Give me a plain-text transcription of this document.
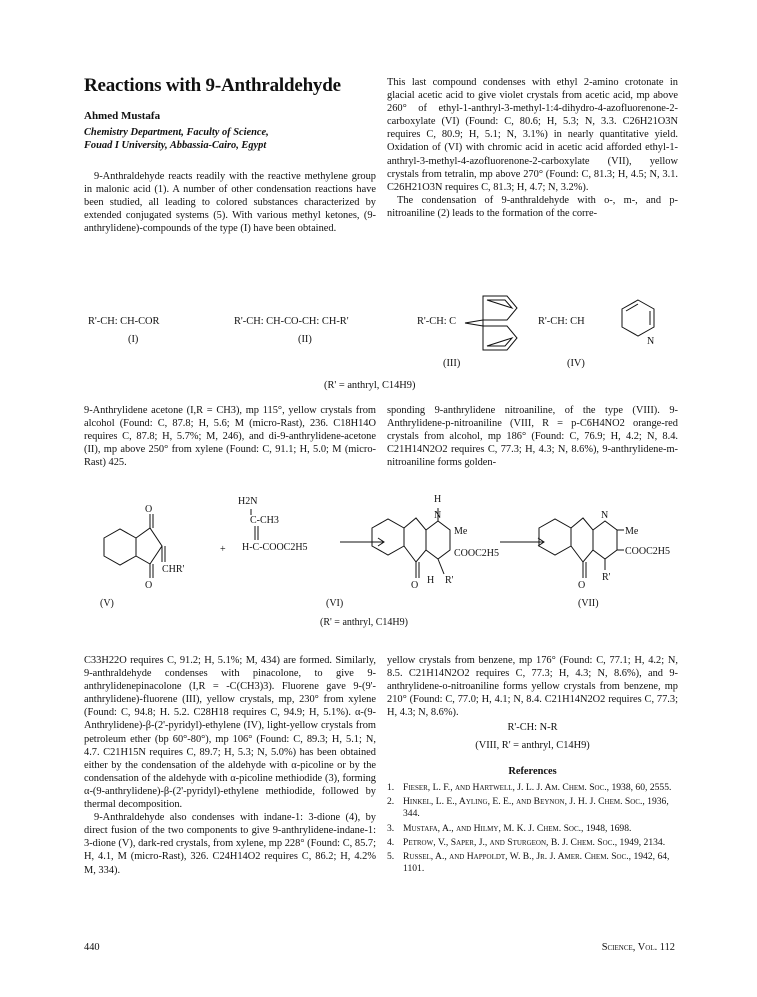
Reactions with 9-Anthraldehyde
Ahmed Mustafa
Chemistry Department, Faculty of Science,
Fouad I University, Abbassia-Cairo, Egypt

9-Anthraldehyde reacts readily with the reactive methylene group in malonic acid (1). A number of other condensation reactions have been studied, all leading to colored substances characterized by extended conjugated systems (5). With various methyl ketones, (9-anthrylidene)-compounds of the type (I) have been obtained.

This last compound condenses with ethyl 2-amino crotonate in glacial acetic acid to give violet crystals from acetic acid, mp above 260° of ethyl-1-anthryl-3-methyl-1:4-dihydro-4-azofluorenone-2-carboxylate (VI) (Found: C, 80.6; H, 5.3; N, 3.3. C26H21O3N requires C, 80.9; H, 5.1; N, 3.1%) in nearly quantitative yield. Oxidation of (VI) with chromic acid in acetic acid afforded ethyl-1-anthryl-3-methyl-4-azofluorenone-2-carboxylate (VII), yellow crystals from tetralin, mp above 270° (Found: C, 81.3; H, 4.5; N, 3.1. C26H21O3N requires C, 81.3; H, 4.7; N, 3.2%).

The condensation of 9-anthraldehyde with o-, m-, and p-nitroaniline (2) leads to the formation of the corre-

R'-CH: CH-COR	R'-CH: CH-CO-CH: CH-R'	R'-CH: C	R'-CH: CH
(I)	(II)
(III)	(IV)
(R' = anthryl, C14H9)
N

9-Anthrylidene acetone (I,R = CH3), mp 115°, yellow crystals from alcohol (Found: C, 87.8; H, 5.6; M (micro-Rast), 236. C18H14O requires C, 87.8; H, 5.7%; M, 246), and di-9-anthrylidene-acetone (II), mp above 250° from xylene (Found: C, 91.1; H, 5.0; M (micro-Rast) 425.

sponding 9-anthrylidene nitroaniline, of the type (VIII). 9-Anthrylidene-p-nitroaniline (VIII, R = p-C6H4NO2 orange-red crystals from alcohol, mp 186° (Found: C, 76.9; H, 4.2; N, 8.4. C21H14N2O2 requires C, 77.3; H, 4.3; N, 8.6%), 9-anthrylidene-m-nitroaniline forms golden-

O
O
CHR'
+
H2N
C-CH3
H-C-COOC2H5
H
N
Me
COOC2H5
O H R'
N
Me
COOC2H5
O
R'
(V)	(VI)	(VII)
(R' = anthryl, C14H9)

C33H22O requires C, 91.2; H, 5.1%; M, 434) are formed. Similarly, 9-anthraldehyde condenses with pinacolone, to give 9-anthrylidenepinacolone (I,R = -C(CH3)3). Fluorene gave 9-(9'-anthrylidene)-fluorene (III), yellow crystals, mp, 230° from xylene (Found: C, 94.8; H. 5.2. C28H18 requires C, 94.9; H, 5.1%). α-(9-Anthrylidene)-β-(2'-pyridyl)-ethylene (IV), light-yellow crystals from petroleum ether (bp 60°-80°), mp 106° (Found: C, 89.3; H, 5.1; N, 4.7. C21H15N requires C, 89.7; H, 5.3; N, 5.0%) has been obtained either by the condensation of the aldehyde with α-picoline or by the condensation of the aldehyde with α-picoline methiodide (3), forming α-(9-anthrylidene)-β-(2'-pyridyl)-ethylene methiodide, followed by thermal decomposition.

9-Anthraldehyde also condenses with indane-1: 3-dione (4), by direct fusion of the two components to give 9-anthrylidene-indane-1: 3-dione (V), dark-red crystals, from xylene, mp 228° (Found: C, 85.7; H, 4.1, M (micro-Rast), 326. C24H14O2 requires C, 86.2; H, 4.2% M, 334).

yellow crystals from benzene, mp 176° (Found: C, 77.1; H, 4.2; N, 8.5. C21H14N2O2 requires C, 77.3; H, 4.3; N, 8.6%), and 9-anthrylidene-o-nitroaniline forms yellow crystals from benzene, mp 210° (Found: C, 77.0; H, 4.1; N, 8.4. C21H14N2O2 requires C, 77.3; H, 4.3; N, 8.6%).

R'-CH: N-R
(VIII, R' = anthryl, C14H9)
References
1. Fieser, L. F., and Hartwell, J. L. J. Am. Chem. Soc., 1938, 60, 2555.
2. Hinkel, L. E., Ayling, E. E., and Beynon, J. H. J. Chem. Soc., 1936, 344.
3. Mustafa, A., and Hilmy, M. K. J. Chem. Soc., 1948, 1698.
4. Petrow, V., Saper, J., and Sturgeon, B. J. Chem. Soc., 1949, 2134.
5. Russel, A., and Happoldt, W. B., Jr. J. Amer. Chem. Soc., 1942, 64, 1101.
440	Science, Vol. 112
